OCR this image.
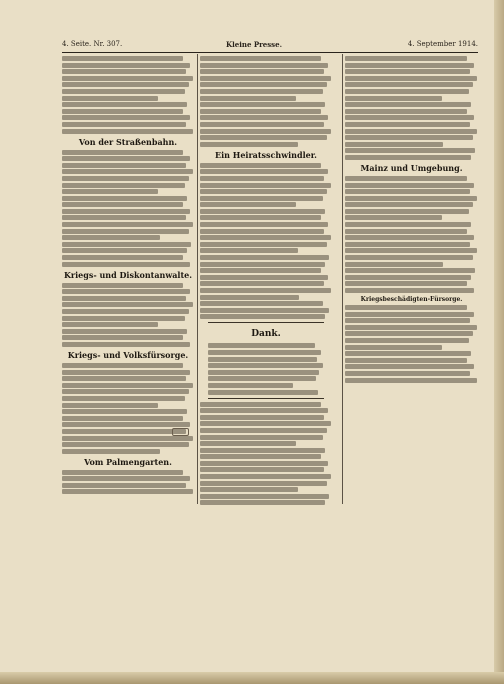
4. Seite. Nr. 307.	Kleine Presse.	4. September 1914.
Von der Straßenbahn.
Kriegs- und Diskontanwalte.
Kriegs- und Volksfürsorge.
Vom Palmengarten.
Ein Heiratsschwindler.
Dank.
Mainz und Umgebung.
Kriegsbeschädigten-Fürsorge.
